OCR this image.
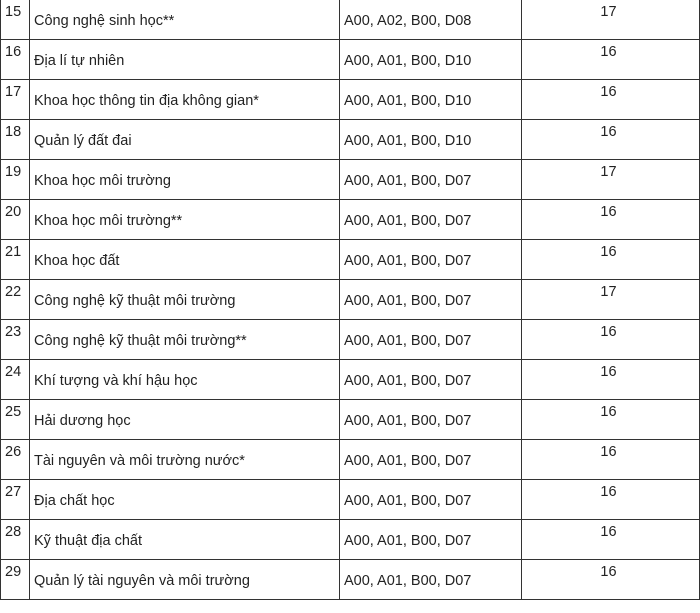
15	Công nghệ sinh học**	A00, A02, B00, D08	17
16	Địa lí tự nhiên	A00, A01, B00, D10	16
17	Khoa học thông tin địa không gian*	A00, A01, B00, D10	16
18	Quản lý đất đai	A00, A01, B00, D10	16
19	Khoa học môi trường	A00, A01, B00, D07	17
20	Khoa học môi trường**	A00, A01, B00, D07	16
21	Khoa học đất	A00, A01, B00, D07	16
22	Công nghệ kỹ thuật môi trường	A00, A01, B00, D07	17
23	Công nghệ kỹ thuật môi trường**	A00, A01, B00, D07	16
24	Khí tượng và khí hậu học	A00, A01, B00, D07	16
25	Hải dương học	A00, A01, B00, D07	16
26	Tài nguyên và môi trường nước*	A00, A01, B00, D07	16
27	Địa chất học	A00, A01, B00, D07	16
28	Kỹ thuật địa chất	A00, A01, B00, D07	16
29	Quản lý tài nguyên và môi trường	A00, A01, B00, D07	16
